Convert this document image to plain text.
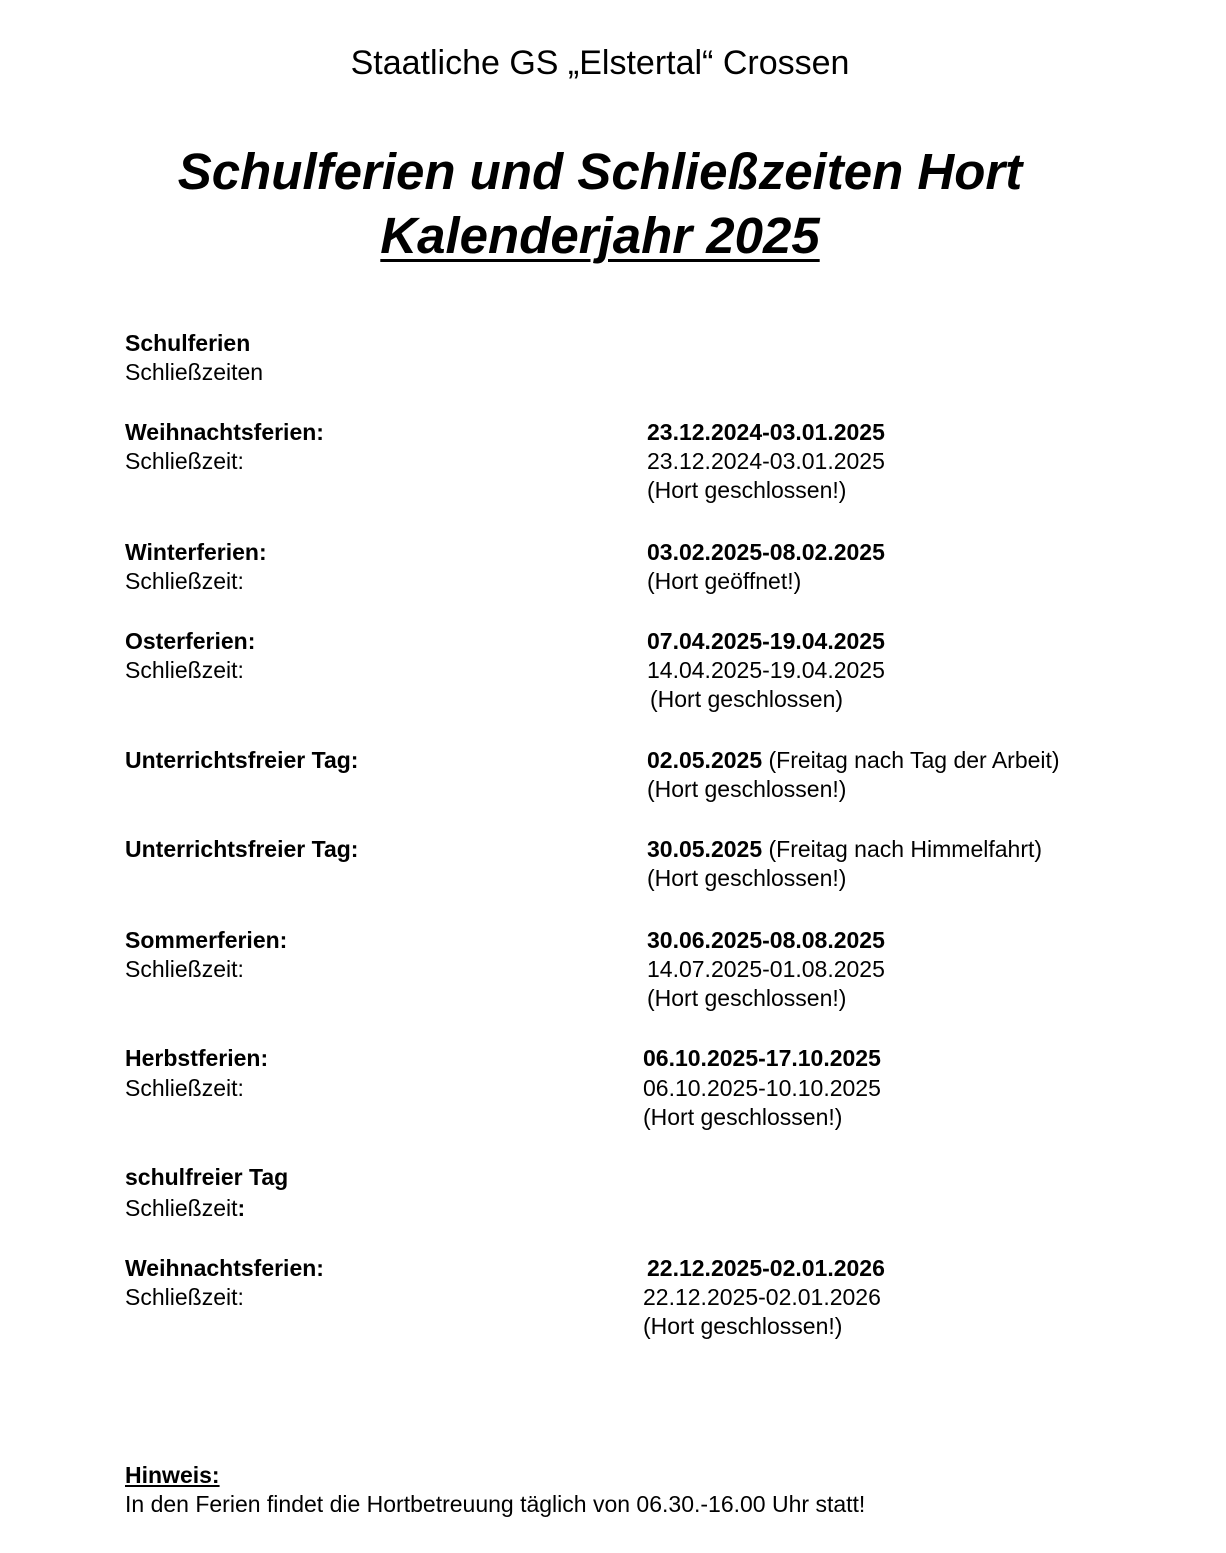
Staatliche GS „Elstertal“ Crossen
Schulferien und Schließzeiten Hort
Kalenderjahr 2025
Schulferien
Schließzeiten
Weihnachtsferien:	23.12.2024-03.01.2025
Schließzeit:	23.12.2024-03.01.2025
(Hort geschlossen!)
Winterferien:	03.02.2025-08.02.2025
Schließzeit:	(Hort geöffnet!)
Osterferien:	07.04.2025-19.04.2025
Schließzeit:	14.04.2025-19.04.2025
(Hort geschlossen)
Unterrichtsfreier Tag:	02.05.2025 (Freitag nach Tag der Arbeit)
(Hort geschlossen!)
Unterrichtsfreier Tag:	30.05.2025 (Freitag nach Himmelfahrt)
(Hort geschlossen!)
Sommerferien:	30.06.2025-08.08.2025
Schließzeit:	14.07.2025-01.08.2025
(Hort geschlossen!)
Herbstferien:	06.10.2025-17.10.2025
Schließzeit:	06.10.2025-10.10.2025
(Hort geschlossen!)
schulfreier Tag
Schließzeit:
Weihnachtsferien:	22.12.2025-02.01.2026
Schließzeit:	22.12.2025-02.01.2026
(Hort geschlossen!)
Hinweis:
In den Ferien findet die Hortbetreuung täglich von 06.30.-16.00 Uhr statt!
